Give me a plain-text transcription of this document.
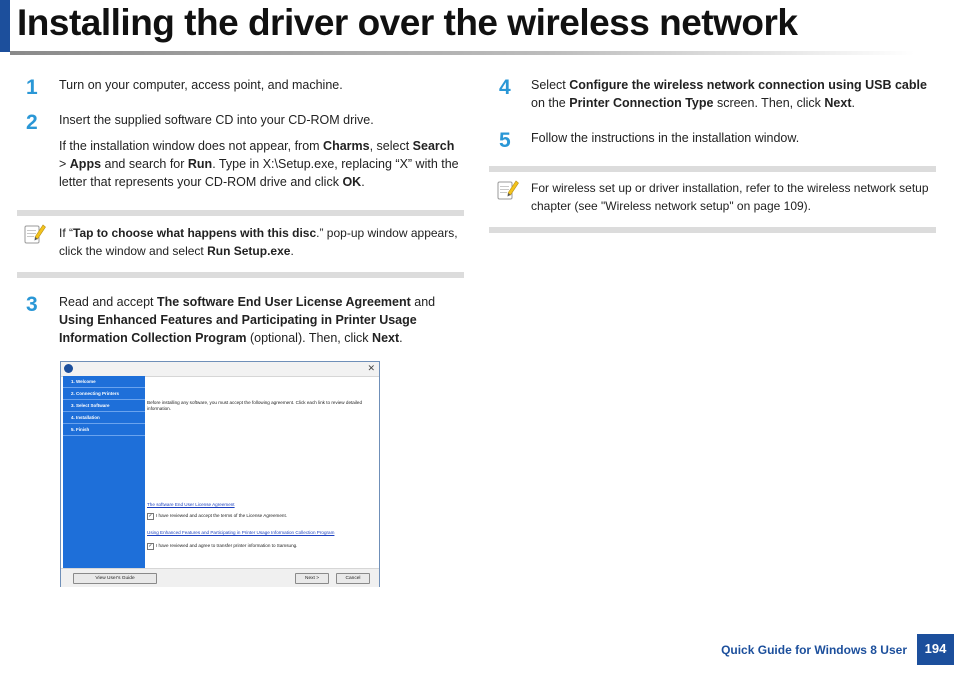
Installing the driver over the wireless network
1	Turn on your computer, access point, and machine.
2	Insert the supplied software CD into your CD-ROM drive.
If the installation window does not appear, from Charms, select Search > Apps and search for Run. Type in X:\Setup.exe, replacing “X” with the letter that represents your CD-ROM drive and click OK.
If “Tap to choose what happens with this disc.” pop-up window appears, click the window and select Run Setup.exe.
3	Read and accept The software End User License Agreement and Using Enhanced Features and Participating in Printer Usage Information Collection Program (optional). Then, click Next.
✕
1. Welcome
2. Connecting Printers
3. Select Software
4. Installation
5. Finish
Before installing any software, you must accept the following agreement. Click each link to review detailed information.
The software End User License Agreement
✓ I have reviewed and accept the terms of the License Agreement.
Using Enhanced Features and Participating in Printer Usage Information Collection Program
✓ I have reviewed and agree to transfer printer information to Samsung.
View User's Guide	Next >	Cancel
4	Select Configure the wireless network connection using USB cable on the Printer Connection Type screen. Then, click Next.
5	Follow the instructions in the installation window.
For wireless set up or driver installation, refer to the wireless network setup chapter (see "Wireless network setup" on page 109).
Quick Guide for Windows 8 User	194
